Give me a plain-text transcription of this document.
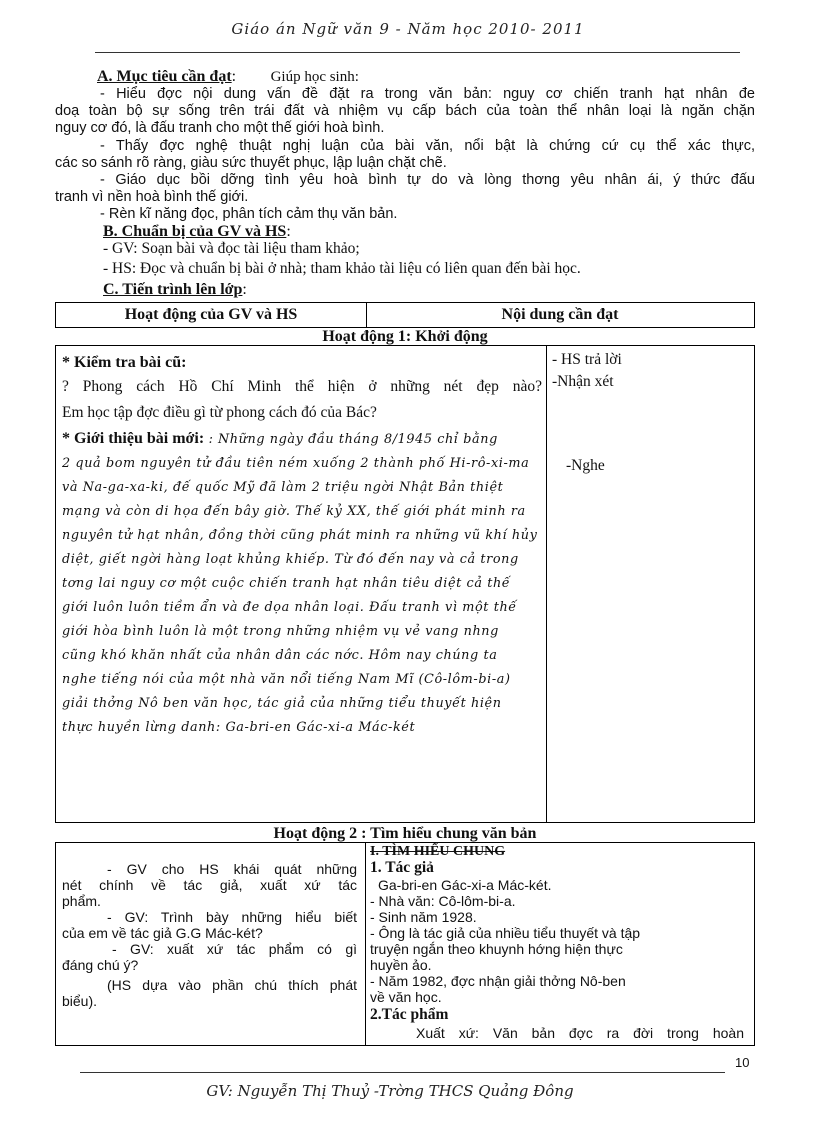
Giáo án Ngữ văn 9 - Năm học 2010- 2011
A. Mục tiêu cần đạt: Giúp học sinh:
- Hiểu đợc nội dung vấn đề đặt ra trong văn bản: nguy cơ chiến tranh hạt nhân đe
doạ toàn bộ sự sống trên trái đất và nhiệm vụ cấp bách của toàn thể nhân loại là ngăn chặn
nguy cơ đó, là đấu tranh cho một thế giới hoà bình.
- Thấy đợc nghệ thuật nghị luận của bài văn, nổi bật là chứng cứ cụ thể xác thực,
các so sánh rõ ràng, giàu sức thuyết phục, lập luận chặt chẽ.
- Giáo dục bồi dỡng tình yêu hoà bình tự do và lòng thơng yêu nhân ái, ý thức đấu
tranh vì nền hoà bình thế giới.
- Rèn kĩ năng đọc, phân tích cảm thụ văn bản.
B. Chuẩn bị của GV và HS:
- GV: Soạn bài và đọc tài liệu tham khảo;
- HS: Đọc và chuẩn bị bài ở nhà; tham khảo tài liệu có liên quan đến bài học.
C. Tiến trình lên lớp:
Hoạt động của GV và HS	Nội dung cần đạt
Hoạt động 1: Khởi động
* Kiểm tra bài cũ:
? Phong cách Hồ Chí Minh thể hiện ở những nét đẹp nào?
Em học tập đợc điều gì từ phong cách đó của Bác?
* Giới thiệu bài mới: : Những ngày đầu tháng 8/1945 chỉ bằng
2 quả bom nguyên tử đầu tiên ném xuống 2 thành phố Hi-rô-xi-ma
và Na-ga-xa-ki, đế quốc Mỹ đã làm 2 triệu ngời Nhật Bản thiệt
mạng và còn di họa đến bây giờ. Thế kỷ XX, thế giới phát minh ra
nguyên tử hạt nhân, đồng thời cũng phát minh ra những vũ khí hủy
diệt, giết ngời hàng loạt khủng khiếp. Từ đó đến nay và cả trong
tơng lai nguy cơ một cuộc chiến tranh hạt nhân tiêu diệt cả thế
giới luôn luôn tiềm ẩn và đe dọa nhân loại. Đấu tranh vì một thế
giới hòa bình luôn là một trong những nhiệm vụ vẻ vang nhng
cũng khó khăn nhất của nhân dân các nớc. Hôm nay chúng ta
nghe tiếng nói của một nhà văn nổi tiếng Nam Mĩ (Cô-lôm-bi-a)
giải thởng Nô ben văn học, tác giả của những tiểu thuyết hiện
thực huyền lừng danh: Ga-bri-en Gác-xi-a Mác-két
- HS trả lời
-Nhận xét
-Nghe
Hoạt động 2 : Tìm hiểu chung văn bản
- GV cho HS khái quát những
nét chính về tác giả, xuất xứ tác
phẩm.
- GV: Trình bày những hiểu biết
của em về tác giả G.G Mác-két?
- GV: xuất xứ tác phẩm có gì
đáng chú ý?
(HS dựa vào phần chú thích phát
biểu).
I. TÌM HIỂU CHUNG
1. Tác giả
Ga-bri-en Gác-xi-a Mác-két.
- Nhà văn: Cô-lôm-bi-a.
- Sinh năm 1928.
- Ông là tác giả của nhiều tiểu thuyết và tập
truyện ngắn theo khuynh hớng hiện thực
huyền ảo.
- Năm 1982, đợc nhận giải thởng Nô-ben
về văn học.
2.Tác phẩm
Xuất xứ: Văn bản đợc ra đời trong hoàn
10
GV: Nguyễn Thị Thuỷ -Trờng THCS Quảng Đông
